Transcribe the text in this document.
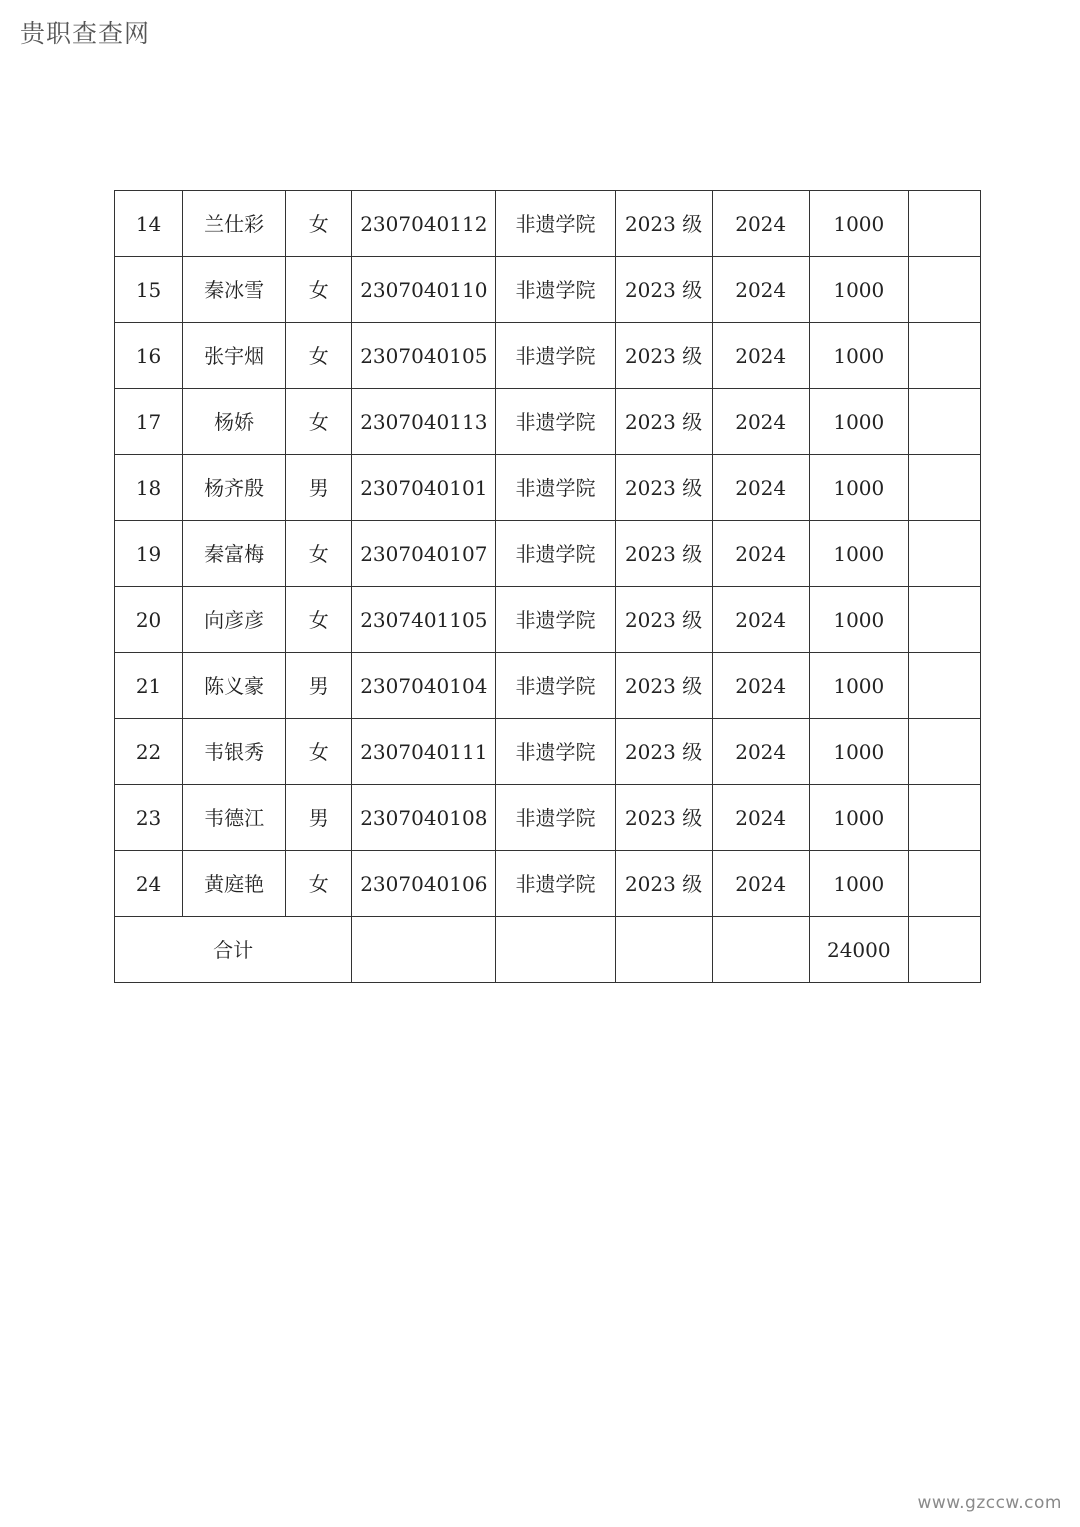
贵职查查网
14	兰仕彩	女	2307040112	非遗学院	2023 级	2024	1000	
15	秦冰雪	女	2307040110	非遗学院	2023 级	2024	1000	
16	张宇烟	女	2307040105	非遗学院	2023 级	2024	1000	
17	杨娇	女	2307040113	非遗学院	2023 级	2024	1000	
18	杨齐殷	男	2307040101	非遗学院	2023 级	2024	1000	
19	秦富梅	女	2307040107	非遗学院	2023 级	2024	1000	
20	向彦彦	女	2307401105	非遗学院	2023 级	2024	1000	
21	陈义豪	男	2307040104	非遗学院	2023 级	2024	1000	
22	韦银秀	女	2307040111	非遗学院	2023 级	2024	1000	
23	韦德江	男	2307040108	非遗学院	2023 级	2024	1000	
24	黄庭艳	女	2307040106	非遗学院	2023 级	2024	1000	
合计							24000	
www.gzccw.com
